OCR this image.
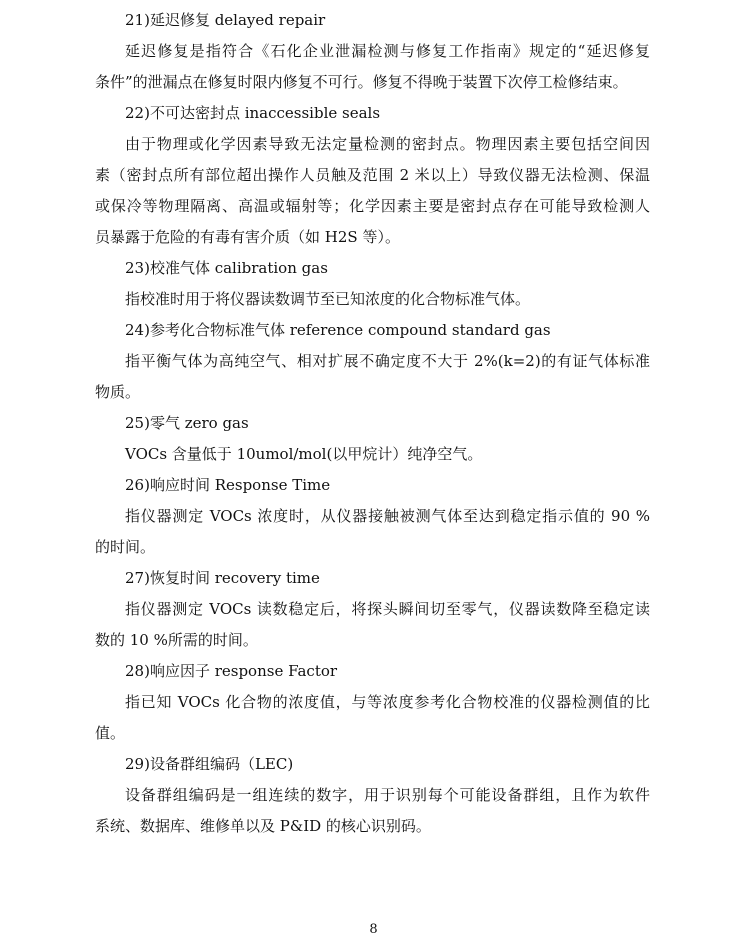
21)延迟修复 delayed repair
延迟修复是指符合《石化企业泄漏检测与修复工作指南》规定的“延迟修复
条件”的泄漏点在修复时限内修复不可行。修复不得晚于装置下次停工检修结束。
22)不可达密封点 inaccessible seals
由于物理或化学因素导致无法定量检测的密封点。物理因素主要包括空间因
素（密封点所有部位超出操作人员触及范围 2 米以上）导致仪器无法检测、保温
或保冷等物理隔离、高温或辐射等；化学因素主要是密封点存在可能导致检测人
员暴露于危险的有毒有害介质（如 H2S 等）。
23)校准气体 calibration gas
指校准时用于将仪器读数调节至已知浓度的化合物标准气体。
24)参考化合物标准气体 reference compound standard gas
指平衡气体为高纯空气、相对扩展不确定度不大于 2%(k=2)的有证气体标准
物质。
25)零气 zero gas
VOCs 含量低于 10umol/mol(以甲烷计）纯净空气。
26)响应时间 Response Time
指仪器测定 VOCs 浓度时，从仪器接触被测气体至达到稳定指示值的 90 %
的时间。
27)恢复时间 recovery time
指仪器测定 VOCs 读数稳定后，将探头瞬间切至零气，仪器读数降至稳定读
数的 10 %所需的时间。
28)响应因子 response Factor
指已知 VOCs 化合物的浓度值，与等浓度参考化合物校准的仪器检测值的比
值。
29)设备群组编码（LEC)
设备群组编码是一组连续的数字，用于识别每个可能设备群组，且作为软件
系统、数据库、维修单以及 P&ID 的核心识别码。
8
